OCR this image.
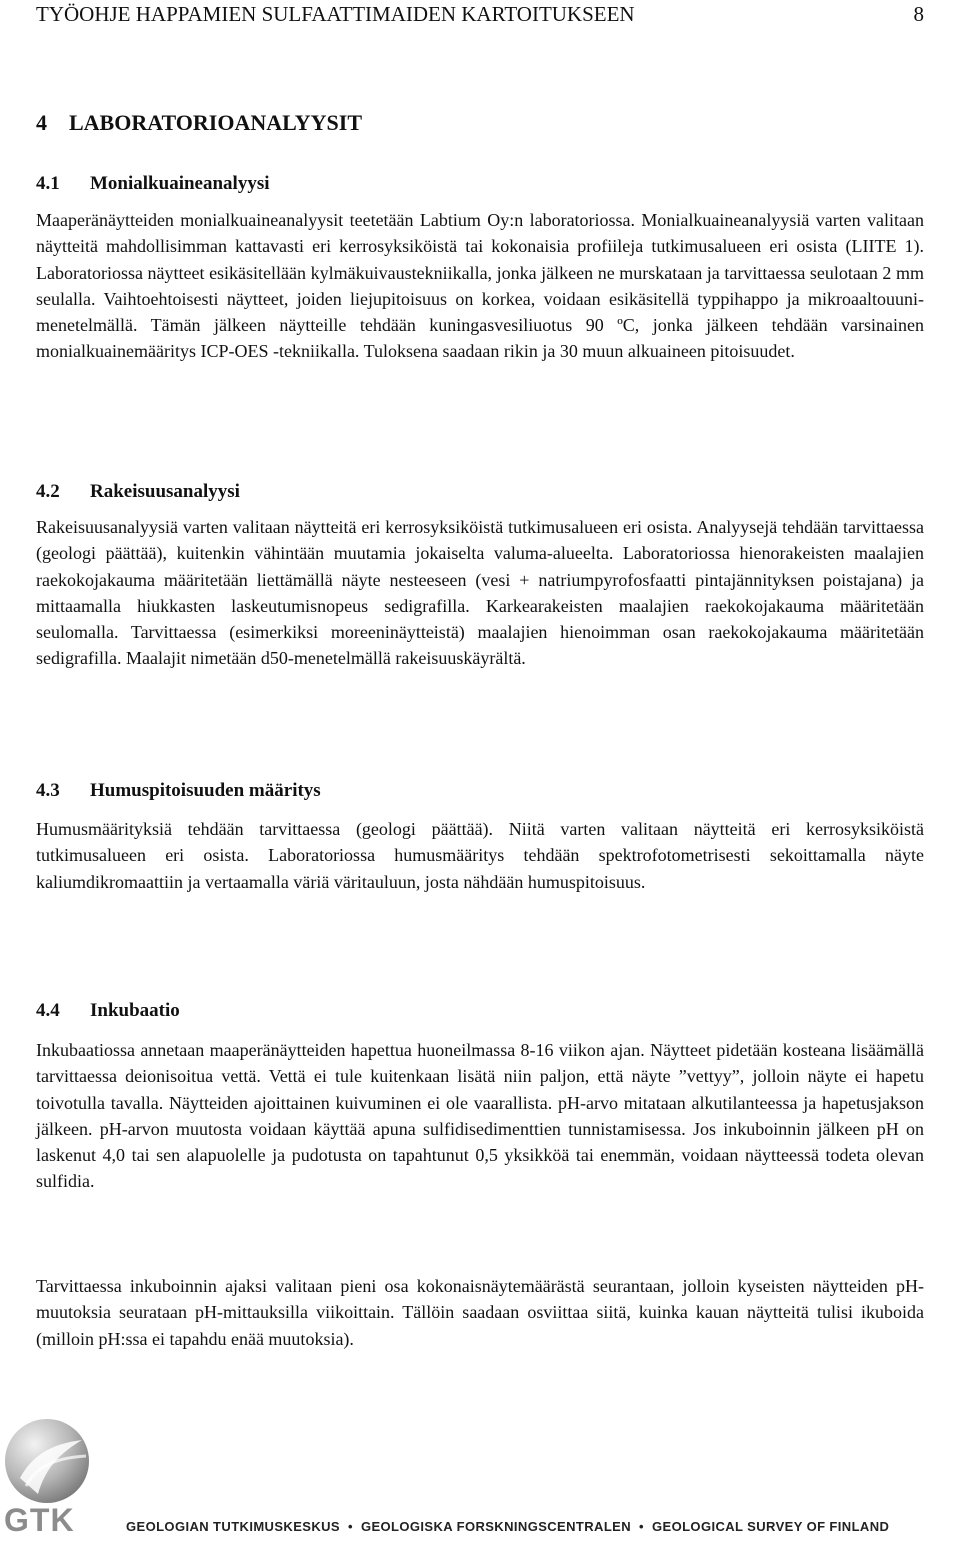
TYÖOHJE HAPPAMIEN SULFAATTIMAIDEN KARTOITUKSEEN	8
4 LABORATORIOANALYYSIT
4.1 Monialkuaineanalyysi

Maaperänäytteiden monialkuaineanalyysit teetetään Labtium Oy:n laboratoriossa. Monialkuaineanalyysiä varten valitaan näytteitä mahdollisimman kattavasti eri kerrosyksiköistä tai kokonaisia profiileja tutkimusalueen eri osista (LIITE 1). Laboratoriossa näytteet esikäsitellään kylmäkuivaustekniikalla, jonka jälkeen ne murskataan ja tarvittaessa seulotaan 2 mm seulalla. Vaihtoehtoisesti näytteet, joiden liejupitoisuus on korkea, voidaan esikäsitellä typpihappo ja mikroaaltouuni-menetelmällä. Tämän jälkeen näytteille tehdään kuningasvesiliuotus 90 ºC, jonka jälkeen tehdään varsinainen monialkuainemääritys ICP-OES -tekniikalla. Tuloksena saadaan rikin ja 30 muun alkuaineen pitoisuudet.

4.2 Rakeisuusanalyysi

Rakeisuusanalyysiä varten valitaan näytteitä eri kerrosyksiköistä tutkimusalueen eri osista. Analyysejä tehdään tarvittaessa (geologi päättää), kuitenkin vähintään muutamia jokaiselta valuma-alueelta. Laboratoriossa hienorakeisten maalajien raekokojakauma määritetään liettämällä näyte nesteeseen (vesi + natriumpyrofosfaatti pintajännityksen poistajana) ja mittaamalla hiukkasten laskeutumisnopeus sedigrafilla. Karkearakeisten maalajien raekokojakauma määritetään seulomalla. Tarvittaessa (esimerkiksi moreeninäytteistä) maalajien hienoimman osan raekokojakauma määritetään sedigrafilla. Maalajit nimetään d50-menetelmällä rakeisuuskäyrältä.

4.3 Humuspitoisuuden määritys

Humusmäärityksiä tehdään tarvittaessa (geologi päättää). Niitä varten valitaan näytteitä eri kerrosyksiköistä tutkimusalueen eri osista. Laboratoriossa humusmääritys tehdään spektrofotometrisesti sekoittamalla näyte kaliumdikromaattiin ja vertaamalla väriä väritauluun, josta nähdään humuspitoisuus.

4.4 Inkubaatio

Inkubaatiossa annetaan maaperänäytteiden hapettua huoneilmassa 8-16 viikon ajan. Näytteet pidetään kosteana lisäämällä tarvittaessa deionisoitua vettä. Vettä ei tule kuitenkaan lisätä niin paljon, että näyte ”vettyy”, jolloin näyte ei hapetu toivotulla tavalla. Näytteiden ajoittainen kuivuminen ei ole vaarallista. pH-arvo mitataan alkutilanteessa ja hapetusjakson jälkeen. pH-arvon muutosta voidaan käyttää apuna sulfidisedimenttien tunnistamisessa. Jos inkuboinnin jälkeen pH on laskenut 4,0 tai sen alapuolelle ja pudotusta on tapahtunut 0,5 yksikköä tai enemmän, voidaan näytteessä todeta olevan sulfidia.

Tarvittaessa inkuboinnin ajaksi valitaan pieni osa kokonaisnäytemäärästä seurantaan, jolloin kyseisten näytteiden pH-muutoksia seurataan pH-mittauksilla viikoittain. Tällöin saadaan osviittaa siitä, kuinka kauan näytteitä tulisi ikuboida (milloin pH:ssa ei tapahdu enää muutoksia).

GTK	GEOLOGIAN TUTKIMUSKESKUS • GEOLOGISKA FORSKNINGSCENTRALEN • GEOLOGICAL SURVEY OF FINLAND
